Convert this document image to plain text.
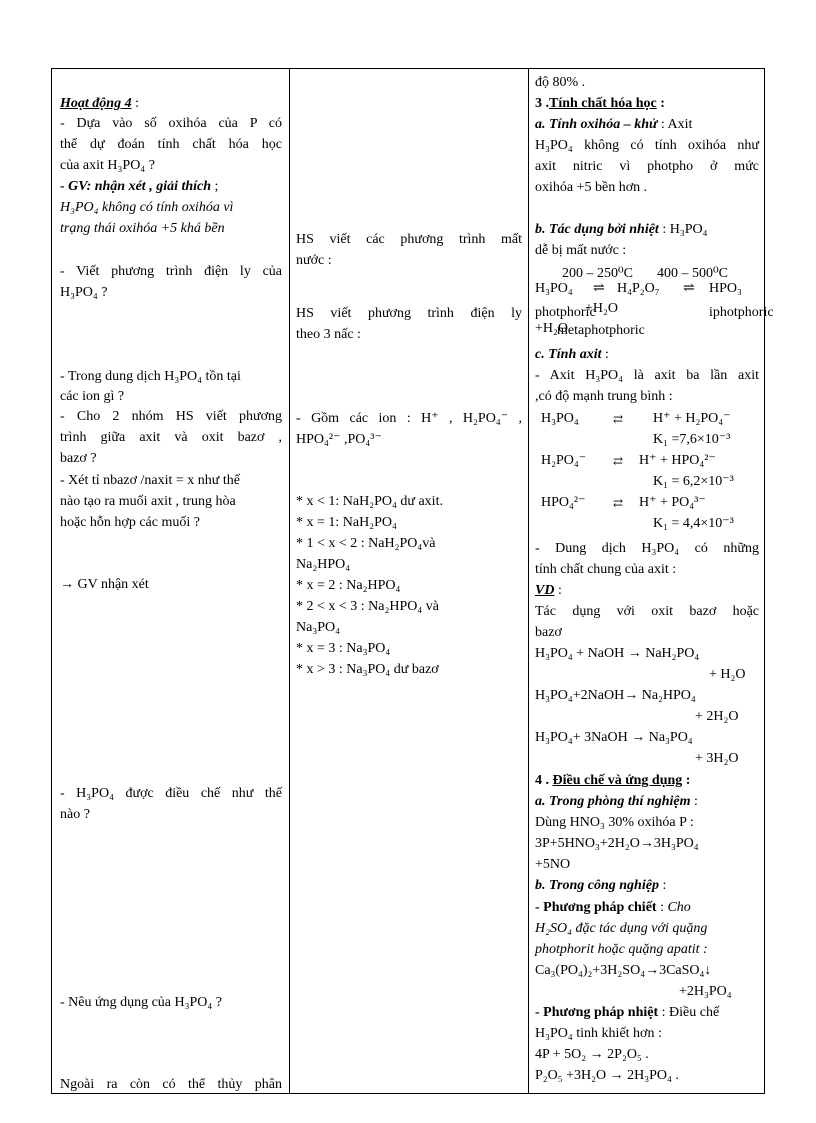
Hoạt động 4 :
- Dựa vào số oxihóa của P có
thể dự đoán tính chất hóa học
của axit H₃PO₄ ?
- GV: nhận xét , giải thích ;
H₃PO₄ không có tính oxihóa vì
trạng thái oxihóa +5 khá bền
- Viết phương trình điện ly của
H₃PO₄ ?
- Trong dung dịch H₃PO₄ tồn tại
các ion gì ?
- Cho 2 nhóm HS viết phương
trình giữa axit và oxit bazơ ,
bazơ ?
- Xét tỉ nbazơ /naxit = x như thế
nào tạo ra muối axit , trung hòa
hoặc hỗn hợp các muối ?
→ GV nhận xét
- H₃PO₄ được điều chế như thế
nào ?
- Nêu ứng dụng của H₃PO₄ ?
Ngoài ra còn có thể thủy phân
HS viết các phương trình mất
nước :
HS viết phương trình điện ly
theo 3 nấc :
- Gồm các ion : H⁺ , H₂PO₄⁻ ,
HPO₄²⁻ ,PO₄³⁻
* x < 1: NaH₂PO₄ dư axit.
* x = 1: NaH₂PO₄
* 1 < x < 2 : NaH₂PO₄và
Na₂HPO₄
* x = 2 : Na₂HPO₄
* 2 < x < 3 : Na₂HPO₄ và
Na₃PO₄
* x = 3 : Na₃PO₄
* x > 3 : Na₃PO₄ dư bazơ
độ 80% .
3 .Tính chất hóa học :
a. Tính oxihóa – khử : Axit
H₃PO₄ không có tính oxihóa như
axit nitric vì photpho ở mức
oxihóa +5 bền hơn .
b. Tác dụng bởi nhiệt : H₃PO₄
dễ bị mất nước :
200 – 250⁰C 400 – 500⁰C
H₃PO₄ ⇌ H₄P₂O₇ ⇌ HPO₃
photphoric
+H₂O	iphotphoric
+H₂O
metaphotphoric
c. Tính axit :
- Axit H₃PO₄ là axit ba lần axit
,có độ mạnh trung bình :
H₃PO₄	⇄ H⁺ + H₂PO₄⁻
K₁ =7,6×10⁻³
H₂PO₄⁻ ⇄ H⁺ + HPO₄²⁻
K₁ = 6,2×10⁻³
HPO₄²⁻ ⇄ H⁺ + PO₄³⁻
K₁ = 4,4×10⁻³
- Dung dịch H₃PO₄ có những
tính chất chung của axit :
VD :
Tác dụng với oxit bazơ hoặc
bazơ
H₃PO₄ + NaOH → NaH₂PO₄
+ H₂O
H₃PO₄+2NaOH→ Na₂HPO₄
+ 2H₂O
H₃PO₄+ 3NaOH → Na₃PO₄
+ 3H₂O
4 . Điều chế và ứng dụng :
a. Trong phòng thí nghiệm :
Dùng HNO₃ 30% oxihóa P :
3P+5HNO₃+2H₂O→3H₃PO₄
+5NO
b. Trong công nghiệp :
- Phương pháp chiết : Cho
H₂SO₄ đặc tác dụng với quặng
photphorit hoặc quặng apatit :
Ca₃(PO₄)₂+3H₂SO₄→3CaSO₄↓
+2H₃PO₄
- Phương pháp nhiệt : Điều chế
H₃PO₄ tinh khiết hơn :
4P + 5O₂ → 2P₂O₅ .
P₂O₅ +3H₂O → 2H₃PO₄ .
